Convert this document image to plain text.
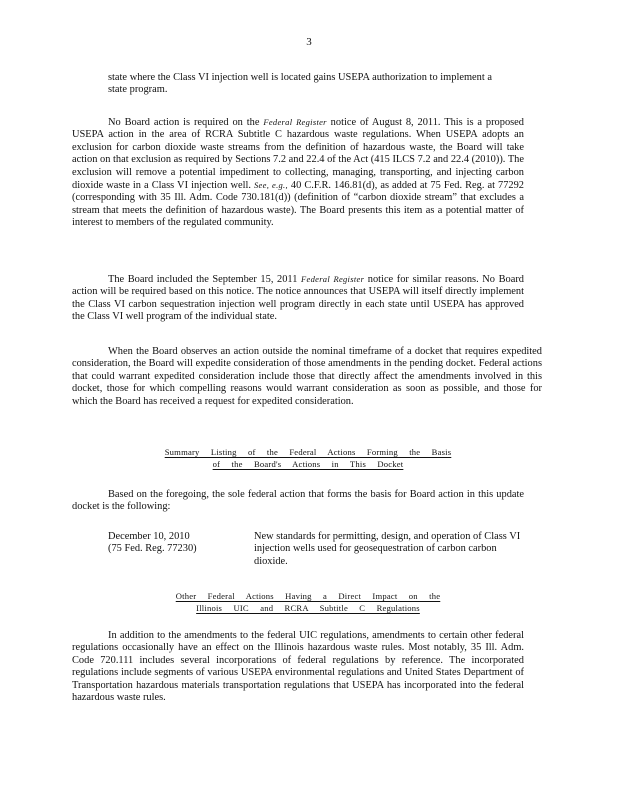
3

state where the Class VI injection well is located gains USEPA authorization to implement a state program.

No Board action is required on the Federal Register notice of August 8, 2011. This is a proposed USEPA action in the area of RCRA Subtitle C hazardous waste regulations. When USEPA adopts an exclusion for carbon dioxide waste streams from the definition of hazardous waste, the Board will take action on that exclusion as required by Sections 7.2 and 22.4 of the Act (415 ILCS 7.2 and 22.4 (2010)). The exclusion will remove a potential impediment to collecting, managing, transporting, and injecting carbon dioxide waste in a Class VI injection well. See, e.g., 40 C.F.R. 146.81(d), as added at 75 Fed. Reg. at 77292 (corresponding with 35 Ill. Adm. Code 730.181(d)) (definition of “carbon dioxide stream” that excludes a stream that meets the definition of hazardous waste). The Board presents this item as a potential matter of interest to members of the regulated community.

The Board included the September 15, 2011 Federal Register notice for similar reasons. No Board action will be required based on this notice. The notice announces that USEPA will itself directly implement the Class VI carbon sequestration injection well program directly in each state until USEPA has approved the Class VI well program of the individual state.

When the Board observes an action outside the nominal timeframe of a docket that requires expedited consideration, the Board will expedite consideration of those amendments in the pending docket. Federal actions that could warrant expedited consideration include those that directly affect the amendments involved in this docket, those for which compelling reasons would warrant consideration as soon as possible, and those for which the Board has received a request for expedited consideration.

Summary Listing of the Federal Actions Forming the Basis
of the Board's Actions in This Docket

Based on the foregoing, the sole federal action that forms the basis for Board action in this update docket is the following:

December 10, 2010
(75 Fed. Reg. 77230)
New standards for permitting, design, and operation of Class VI injection wells used for geosequestration of carbon carbon dioxide.
Other Federal Actions Having a Direct Impact on the
Illinois UIC and RCRA Subtitle C Regulations

In addition to the amendments to the federal UIC regulations, amendments to certain other federal regulations occasionally have an effect on the Illinois hazardous waste rules. Most notably, 35 Ill. Adm. Code 720.111 includes several incorporations of federal regulations by reference. The incorporated regulations include segments of various USEPA environmental regulations and United States Department of Transportation hazardous materials transportation regulations that USEPA has incorporated into the federal hazardous waste rules.
